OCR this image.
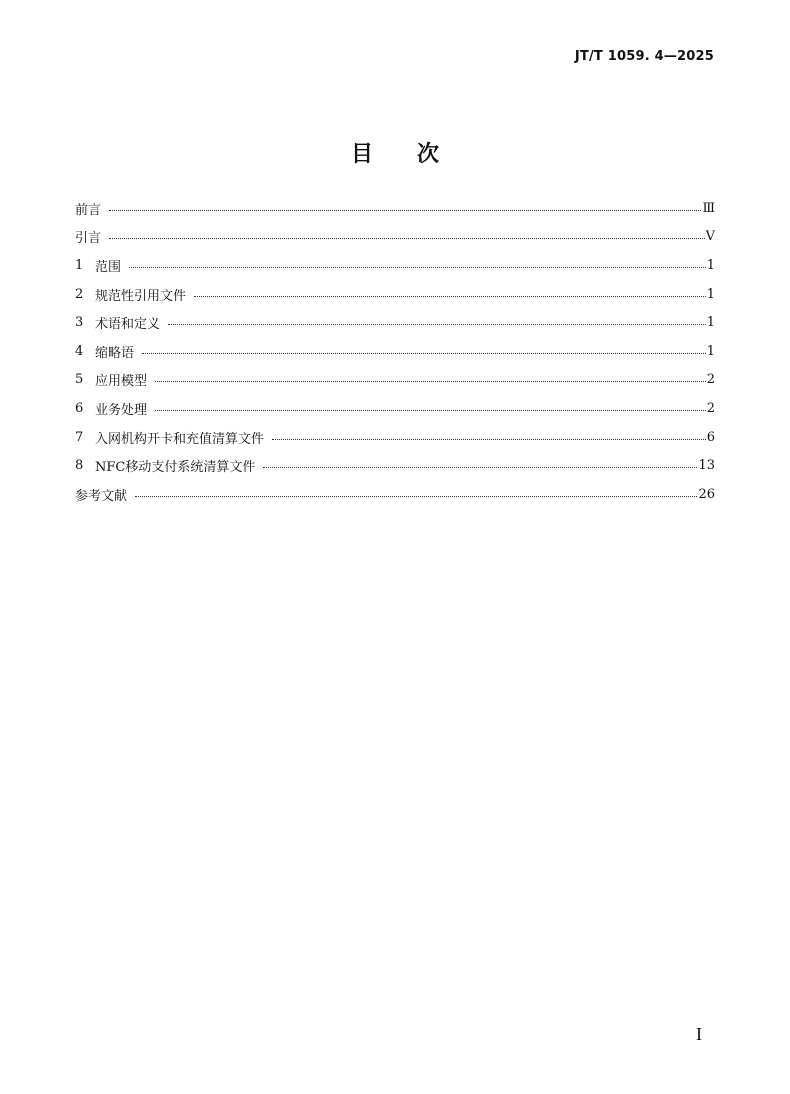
JT/T 1059. 4—2025
目次
前言	Ⅲ
引言	V
1 范围	1
2 规范性引用文件	1
3 术语和定义	1
4 缩略语	1
5 应用模型	2
6 业务处理	2
7 入网机构开卡和充值清算文件	6
8 NFC移动支付系统清算文件	13
参考文献	26
I
